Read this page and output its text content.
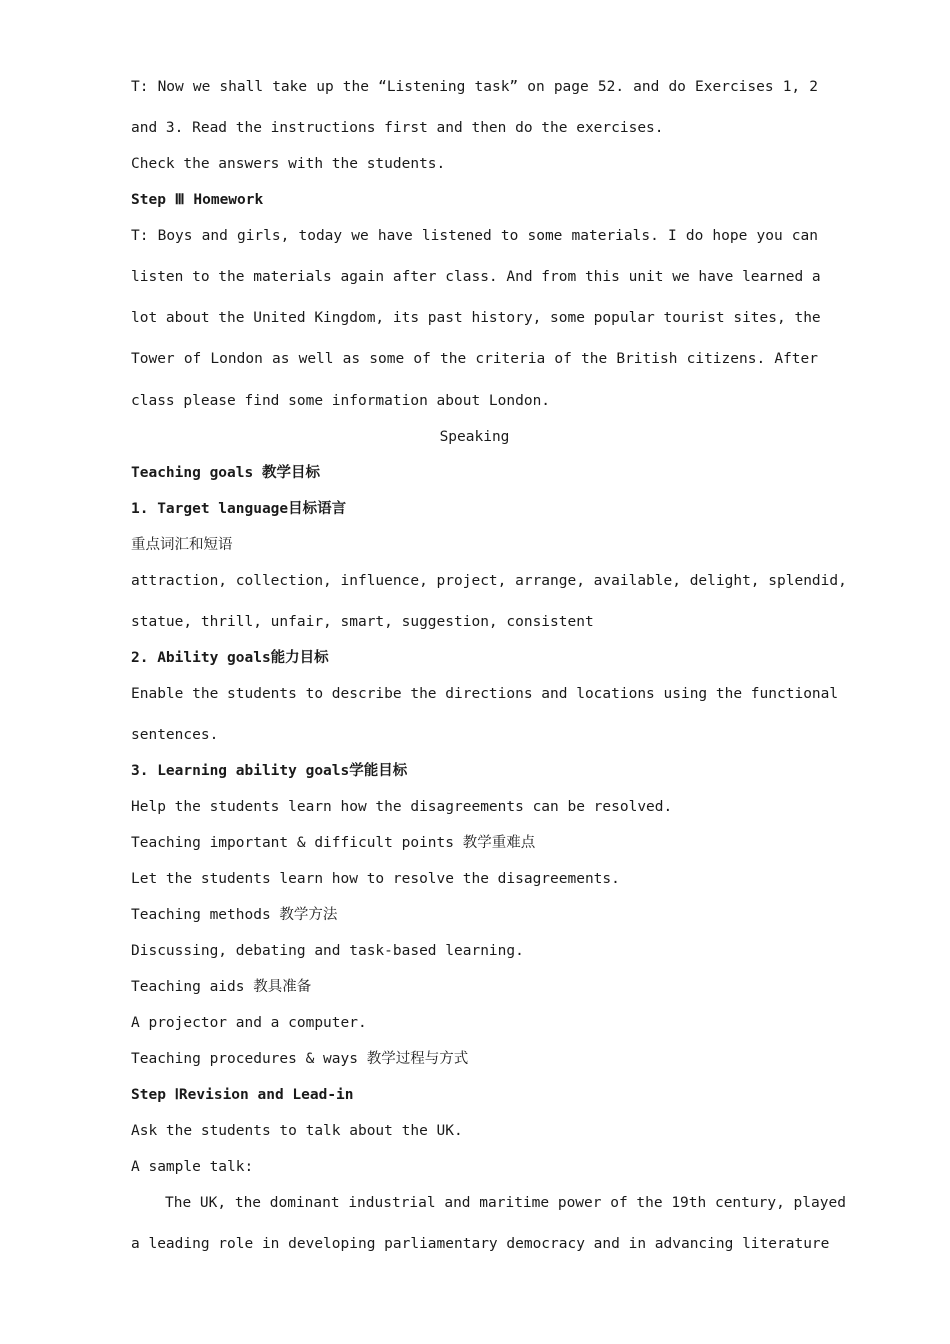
T: Now we shall take up the “Listening task” on page 52. and do Exercises 1, 2
and 3. Read the instructions first and then do the exercises.
Check the answers with the students.
Step Ⅲ Homework
T: Boys and girls, today we have listened to some materials. I do hope you can
listen to the materials again after class. And from this unit we have learned a
lot about the United Kingdom, its past history, some popular tourist sites, the
Tower of London as well as some of the criteria of the British citizens. After
class please find some information about London.
Speaking
Teaching goals 教学目标
1. Target language目标语言
重点词汇和短语
attraction, collection, influence, project, arrange, available, delight, splendid,
statue, thrill, unfair, smart, suggestion, consistent
2. Ability goals能力目标
Enable the students to describe the directions and locations using the functional
sentences.
3. Learning ability goals学能目标
Help the students learn how the disagreements can be resolved.
Teaching important & difficult points 教学重难点
Let the students learn how to resolve the disagreements.
Teaching methods 教学方法
Discussing, debating and task-based learning.
Teaching aids 教具准备
A projector and a computer.
Teaching procedures & ways 教学过程与方式
Step ⅠRevision and Lead-in
Ask the students to talk about the UK.
A sample talk:
The UK, the dominant industrial and maritime power of the 19th century, played
a leading role in developing parliamentary democracy and in advancing literature
